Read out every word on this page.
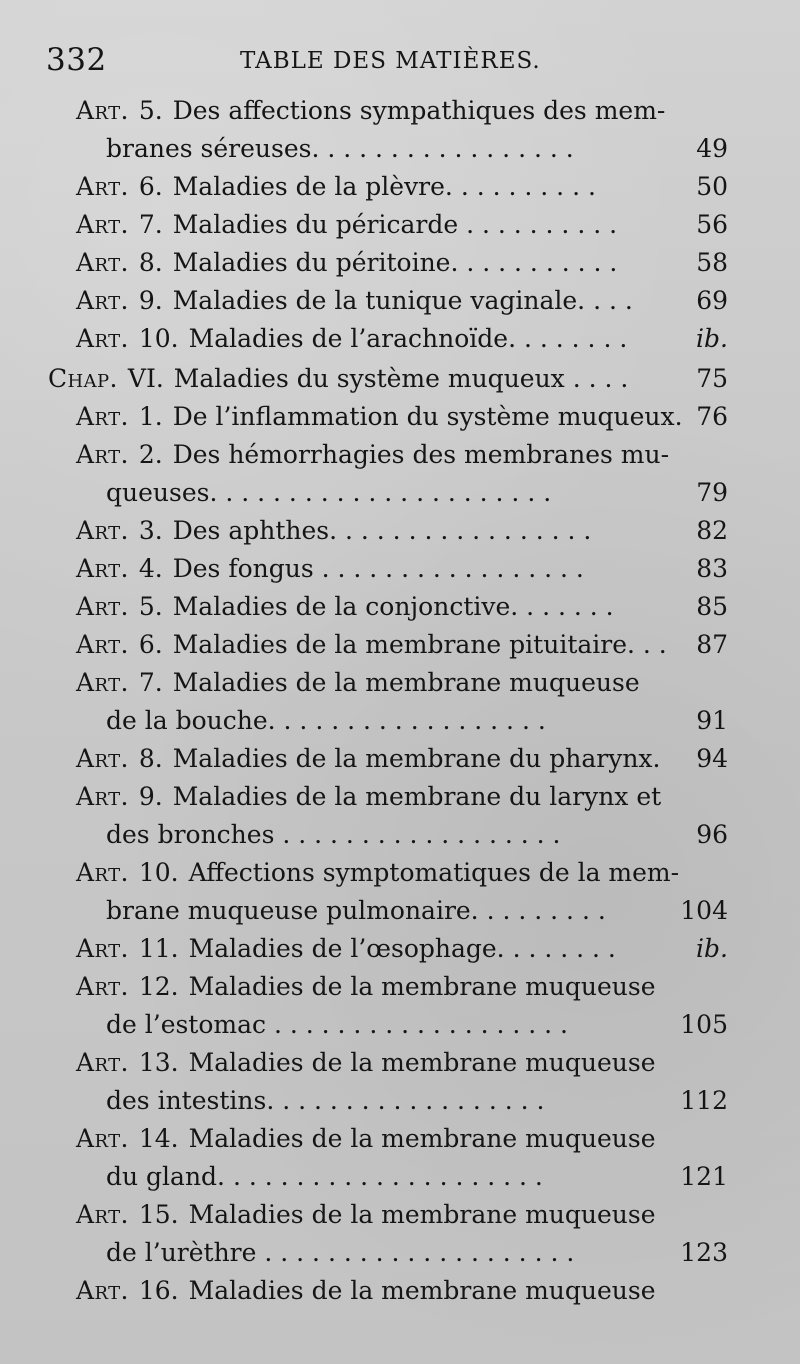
332	TABLE DES MATIÈRES.
Art. 5. Des affections sympathiques des mem-
branes séreuses. . . . . . . . . . . . . . . . .	49
Art. 6. Maladies de la plèvre. . . . . . . . . .	50
Art. 7. Maladies du péricarde . . . . . . . . . .	56
Art. 8. Maladies du péritoine. . . . . . . . . . .	58
Art. 9. Maladies de la tunique vaginale. . . .	69
Art. 10. Maladies de l’arachnoïde. . . . . . . .	ib.
Chap. VI. Maladies du système muqueux . . . .	75
Art. 1. De l’inflammation du système muqueux. 76
Art. 2. Des hémorrhagies des membranes mu-
queuses. . . . . . . . . . . . . . . . . . . . . .	79
Art. 3. Des aphthes. . . . . . . . . . . . . . . . .	82
Art. 4. Des fongus . . . . . . . . . . . . . . . . .	83
Art. 5. Maladies de la conjonctive. . . . . . .	85
Art. 6. Maladies de la membrane pituitaire. . .	87
Art. 7. Maladies de la membrane muqueuse
de la bouche. . . . . . . . . . . . . . . . . .	91
Art. 8. Maladies de la membrane du pharynx.	94
Art. 9. Maladies de la membrane du larynx et
des bronches . . . . . . . . . . . . . . . . . .	96
Art. 10. Affections symptomatiques de la mem-
brane muqueuse pulmonaire. . . . . . . . .	104
Art. 11. Maladies de l’œsophage. . . . . . . .	ib.
Art. 12. Maladies de la membrane muqueuse
de l’estomac . . . . . . . . . . . . . . . . . . .	105
Art. 13. Maladies de la membrane muqueuse
des intestins. . . . . . . . . . . . . . . . . .	112
Art. 14. Maladies de la membrane muqueuse
du gland. . . . . . . . . . . . . . . . . . . . .	121
Art. 15. Maladies de la membrane muqueuse
de l’urèthre . . . . . . . . . . . . . . . . . . . .	123
Art. 16. Maladies de la membrane muqueuse
